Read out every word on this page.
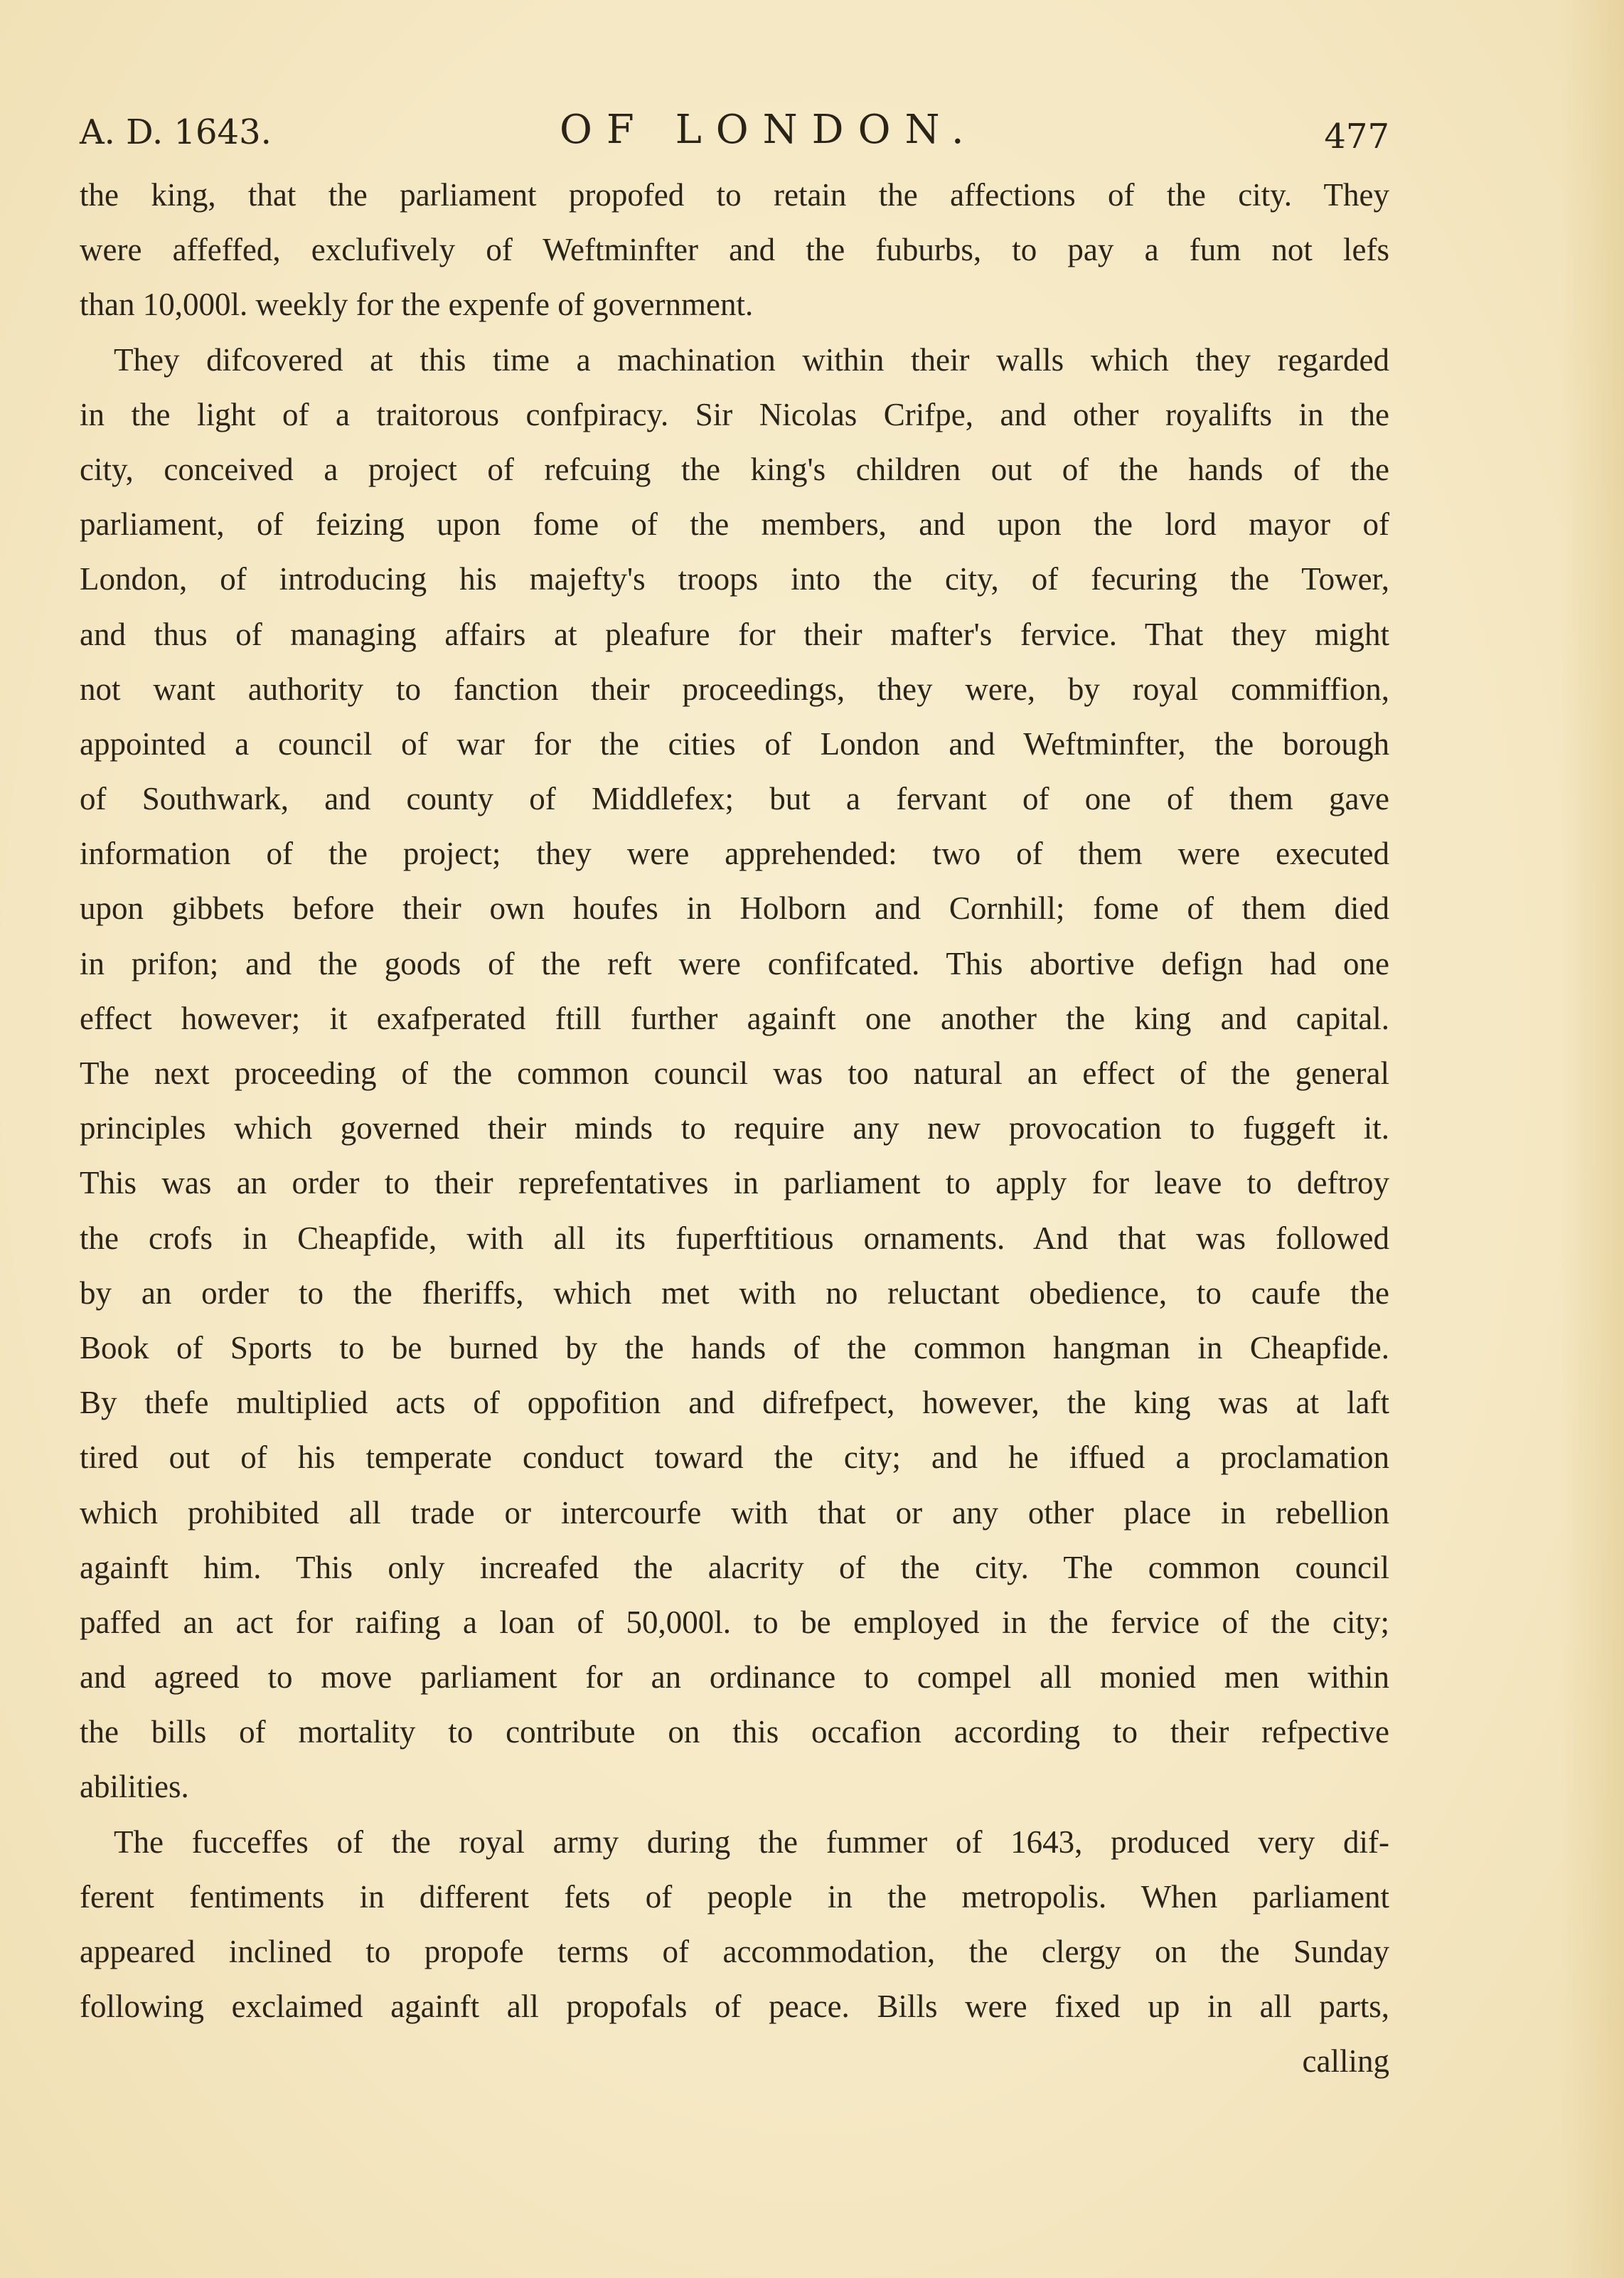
A. D. 1643.	OF LONDON.	477
the king, that the parliament propofed to retain the affections of the city. They
were affeffed, exclufively of Weftminfter and the fuburbs, to pay a fum not lefs
than 10,000l. weekly for the expenfe of government.
They difcovered at this time a machination within their walls which they regarded
in the light of a traitorous confpiracy. Sir Nicolas Crifpe, and other royalifts in the
city, conceived a project of refcuing the king's children out of the hands of the
parliament, of feizing upon fome of the members, and upon the lord mayor of
London, of introducing his majefty's troops into the city, of fecuring the Tower,
and thus of managing affairs at pleafure for their mafter's fervice. That they might
not want authority to fanction their proceedings, they were, by royal commiffion,
appointed a council of war for the cities of London and Weftminfter, the borough
of Southwark, and county of Middlefex; but a fervant of one of them gave
information of the project; they were apprehended: two of them were executed
upon gibbets before their own houfes in Holborn and Cornhill; fome of them died
in prifon; and the goods of the reft were confifcated. This abortive defign had one
effect however; it exafperated ftill further againft one another the king and capital.
The next proceeding of the common council was too natural an effect of the general
principles which governed their minds to require any new provocation to fuggeft it.
This was an order to their reprefentatives in parliament to apply for leave to deftroy
the crofs in Cheapfide, with all its fuperftitious ornaments. And that was followed
by an order to the fheriffs, which met with no reluctant obedience, to caufe the
Book of Sports to be burned by the hands of the common hangman in Cheapfide.
By thefe multiplied acts of oppofition and difrefpect, however, the king was at laft
tired out of his temperate conduct toward the city; and he iffued a proclamation
which prohibited all trade or intercourfe with that or any other place in rebellion
againft him. This only increafed the alacrity of the city. The common council
paffed an act for raifing a loan of 50,000l. to be employed in the fervice of the city;
and agreed to move parliament for an ordinance to compel all monied men within
the bills of mortality to contribute on this occafion according to their refpective
abilities.
The fucceffes of the royal army during the fummer of 1643, produced very dif-
ferent fentiments in different fets of people in the metropolis. When parliament
appeared inclined to propofe terms of accommodation, the clergy on the Sunday
following exclaimed againft all propofals of peace. Bills were fixed up in all parts,
calling
